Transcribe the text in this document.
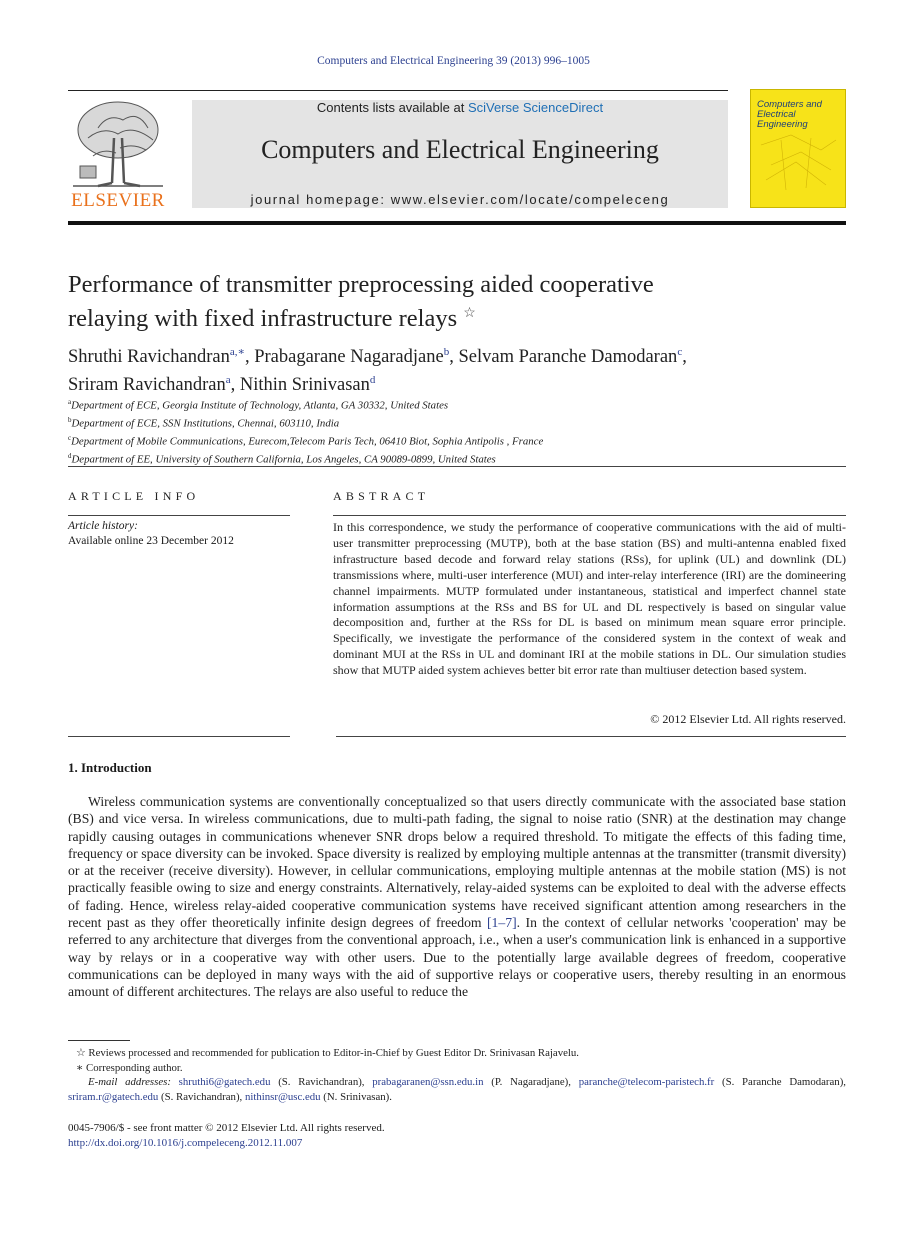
Computers and Electrical Engineering 39 (2013) 996–1005
ELSEVIER
Contents lists available at SciVerse ScienceDirect
Computers and Electrical Engineering
journal homepage: www.elsevier.com/locate/compeleceng
Computers and Electrical Engineering
Performance of transmitter preprocessing aided cooperative
relaying with fixed infrastructure relays ☆
Shruthi Ravichandran$^{a,∗}$, Prabagarane Nagaradjane$^b$, Selvam Paranche Damodaran$^c$,
Sriram Ravichandran$^a$, Nithin Srinivasan$^d$
$^a$Department of ECE, Georgia Institute of Technology, Atlanta, GA 30332, United States
$^b$Department of ECE, SSN Institutions, Chennai, 603110, India
$^c$Department of Mobile Communications, Eurecom,Telecom Paris Tech, 06410 Biot, Sophia Antipolis , France
$^d$Department of EE, University of Southern California, Los Angeles, CA 90089-0899, United States
ARTICLE INFO	ABSTRACT
Article history:
Available online 23 December 2012
In this correspondence, we study the performance of cooperative communications with the aid of multi-user transmitter preprocessing (MUTP), both at the base station (BS) and multi-antenna enabled fixed infrastructure based decode and forward relay stations (RSs), for uplink (UL) and downlink (DL) transmissions where, multi-user interference (MUI) and inter-relay interference (IRI) are the domineering channel impairments. MUTP formulated under instantaneous, statistical and imperfect channel state information assumptions at the RSs and BS for UL and DL respectively is based on singular value decomposition and, further at the RSs for DL is based on minimum mean square error principle. Specifically, we investigate the performance of the considered system in the context of weak and dominant MUI at the RSs in UL and dominant IRI at the mobile stations in DL. Our simulation studies show that MUTP aided system achieves better bit error rate than multiuser detection based system.
© 2012 Elsevier Ltd. All rights reserved.
1. Introduction
Wireless communication systems are conventionally conceptualized so that users directly communicate with the associated base station (BS) and vice versa. In wireless communications, due to multi-path fading, the signal to noise ratio (SNR) at the destination may change rapidly causing outages in communications whenever SNR drops below a required threshold. To mitigate the effects of this fading time, frequency or space diversity can be invoked. Space diversity is realized by employing multiple antennas at the transmitter (transmit diversity) or at the receiver (receive diversity). However, in cellular communications, employing multiple antennas at the mobile station (MS) is not practically feasible owing to size and energy constraints. Alternatively, relay-aided systems can be exploited to deal with the adverse effects of fading. Hence, wireless relay-aided cooperative communication systems have received significant attention among researchers in the recent past as they offer theoretically infinite design degrees of freedom [1–7]. In the context of cellular networks 'cooperation' may be referred to any architecture that diverges from the conventional approach, i.e., when a user's communication link is enhanced in a supportive way by relays or in a cooperative way with other users. Due to the potentially large available degrees of freedom, cooperative communications can be deployed in many ways with the aid of supportive relays or cooperative users, thereby resulting in an enormous amount of different architectures. The relays are also useful to reduce the
☆ Reviews processed and recommended for publication to Editor-in-Chief by Guest Editor Dr. Srinivasan Rajavelu.
∗ Corresponding author.
E-mail addresses: shruthi6@gatech.edu (S. Ravichandran), prabagaranen@ssn.edu.in (P. Nagaradjane), paranche@telecom-paristech.fr (S. Paranche Damodaran), sriram.r@gatech.edu (S. Ravichandran), nithinsr@usc.edu (N. Srinivasan).
0045-7906/$ - see front matter © 2012 Elsevier Ltd. All rights reserved.
http://dx.doi.org/10.1016/j.compeleceng.2012.11.007
